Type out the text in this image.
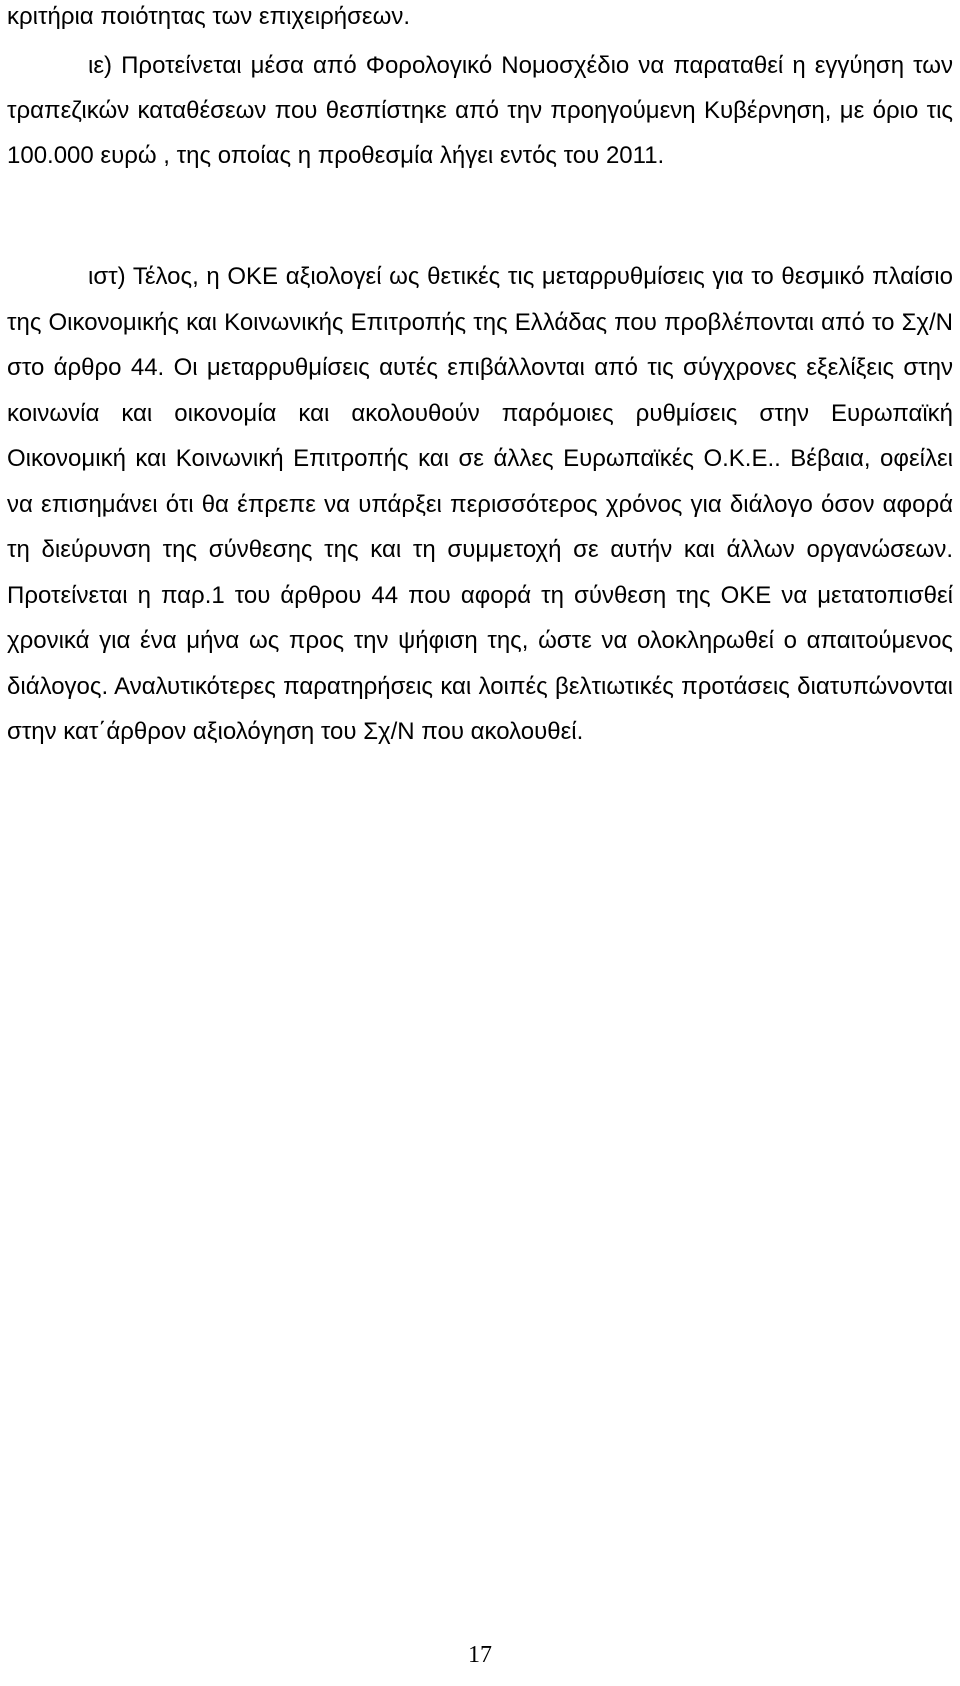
κριτήρια ποιότητας των επιχειρήσεων.

ιε) Προτείνεται μέσα από Φορολογικό Νομοσχέδιο να παραταθεί η εγγύηση των τραπεζικών καταθέσεων που θεσπίστηκε από την προηγούμενη Κυβέρνηση, με όριο τις 100.000 ευρώ , της οποίας η προθεσμία λήγει εντός του 2011.

ιστ) Τέλος, η ΟΚΕ αξιολογεί ως θετικές τις μεταρρυθμίσεις για το θεσμικό πλαίσιο της Οικονομικής και Κοινωνικής Επιτροπής της Ελλάδας που προβλέπονται από το Σχ/Ν στο άρθρο 44. Οι μεταρρυθμίσεις αυτές επιβάλλονται από τις σύγχρονες εξελίξεις στην κοινωνία και οικονομία και ακολουθούν παρόμοιες ρυθμίσεις στην Ευρωπαϊκή Οικονομική και Κοινωνική Επιτροπής και σε άλλες Ευρωπαϊκές Ο.Κ.Ε.. Βέβαια, οφείλει να επισημάνει ότι θα έπρεπε να υπάρξει περισσότερος χρόνος για διάλογο όσον αφορά τη διεύρυνση της σύνθεσης της και τη συμμετοχή σε αυτήν και άλλων οργανώσεων. Προτείνεται η παρ.1 του άρθρου 44 που αφορά τη σύνθεση της ΟΚΕ να μετατοπισθεί χρονικά για ένα μήνα ως προς την ψήφιση της, ώστε να ολοκληρωθεί ο απαιτούμενος διάλογος. Αναλυτικότερες παρατηρήσεις και λοιπές βελτιωτικές προτάσεις διατυπώνονται στην κατ΄άρθρον αξιολόγηση του Σχ/Ν που ακολουθεί.

17
